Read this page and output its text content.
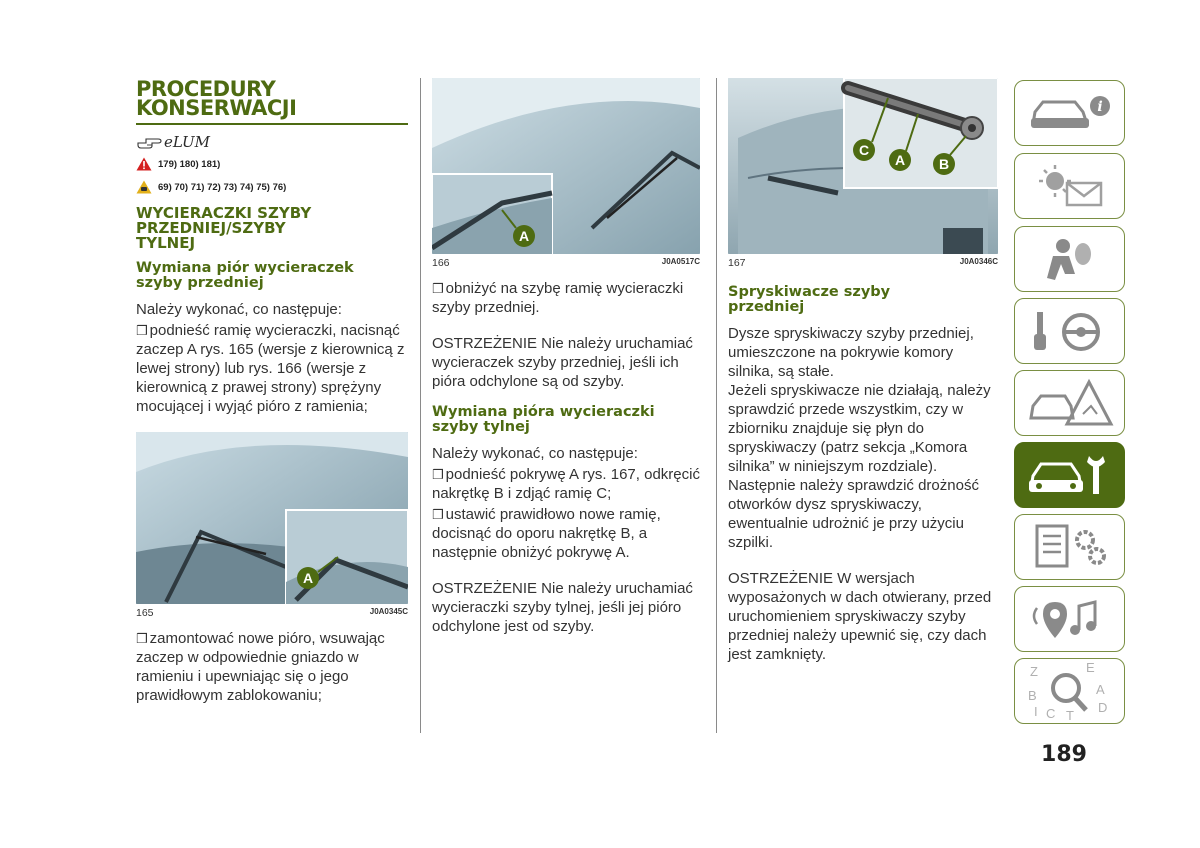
PROCEDURY
KONSERWACJI
eLUM
179) 180) 181)
69) 70) 71) 72) 73) 74) 75) 76)
WYCIERACZKI SZYBY
PRZEDNIEJ/SZYBY
TYLNEJ
Wymiana piór wycieraczek
szyby przedniej

Należy wykonać, co następuje:

❒ podnieść ramię wycieraczki, nacisnąć zaczep A rys. 165 (wersje z kierownicą z lewej strony) lub rys. 166 (wersje z kierownicą z prawej strony) sprężyny mocującej i wyjąć pióro z ramienia;

A
165	J0A0345C

❒ zamontować nowe pióro, wsuwając zaczep w odpowiednie gniazdo w ramieniu i upewniając się o jego prawidłowym zablokowaniu;

A
166	J0A0517C

❒ obniżyć na szybę ramię wycieraczki szyby przedniej.

OSTRZEŻENIE Nie należy uruchamiać wycieraczek szyby przedniej, jeśli ich pióra odchylone są od szyby.

Wymiana pióra wycieraczki
szyby tylnej

Należy wykonać, co następuje:

❒ podnieść pokrywę A rys. 167, odkręcić nakrętkę B i zdjąć ramię C;

❒ ustawić prawidłowo nowe ramię, docisnąć do oporu nakrętkę B, a następnie obniżyć pokrywę A.

OSTRZEŻENIE Nie należy uruchamiać wycieraczki szyby tylnej, jeśli jej pióro odchylone jest od szyby.

C
A B
167	J0A0346C
Spryskiwacze szyby
przedniej

Dysze spryskiwaczy szyby przedniej, umieszczone na pokrywie komory silnika, są stałe.

Jeżeli spryskiwacze nie działają, należy sprawdzić przede wszystkim, czy w zbiorniku znajduje się płyn do spryskiwaczy (patrz sekcja „Komora silnika” w niniejszym rozdziale).

Następnie należy sprawdzić drożność otworków dysz spryskiwaczy, ewentualnie udrożnić je przy użyciu szpilki.

OSTRZEŻENIE W wersjach wyposażonych w dach otwierany, przed uruchomieniem spryskiwaczy szyby przedniej należy upewnić się, czy dach jest zamknięty.

i
Z	E
B	A
C T
D
I
189
